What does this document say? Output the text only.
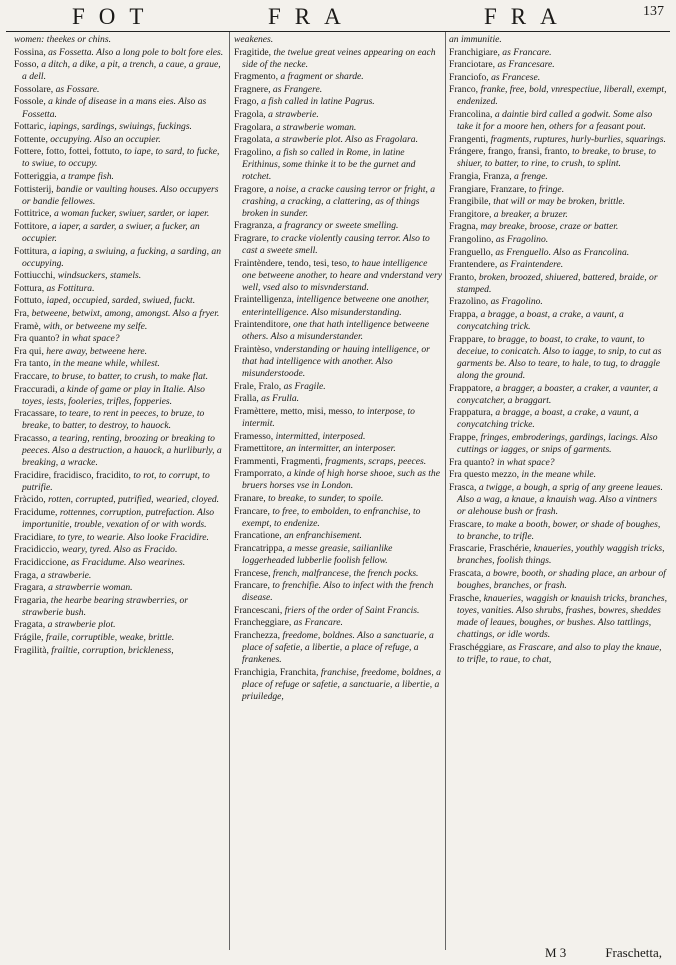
FOT	FRA	FRA	137
women: theekes or chins.
Fossina, as Fossetta. Also a long pole to bolt fore eles.
Fosso, a ditch, a dike, a pit, a trench, a caue, a graue, a dell.
Fossolare, as Fossare.
Fossole, a kinde of disease in a mans eies. Also as Fossetta.
Fottaric, iapings, sardings, swiuings, fuckings.
Fottente, occupying. Also an occupier.
Fottere, fotto, fottei, fottuto, to iape, to sard, to fucke, to swiue, to occupy.
Fotteriggia, a trampe fish.
Fottisterij, bandie or vaulting houses. Also occupyers or bandie fellowes.
Fottitrice, a woman fucker, swiuer, sarder, or iaper.
Fottitore, a iaper, a sarder, a swiuer, a fucker, an occupier.
Fottitura, a iaping, a swiuing, a fucking, a sarding, an occupying.
Fottiucchi, windsuckers, stamels.
Fottura, as Fottitura.
Fottuto, iaped, occupied, sarded, swiued, fuckt.
Fra, betweene, betwixt, among, amongst. Also a fryer.
Framè, with, or betweene my selfe.
Fra quanto? in what space?
Fra qui, here away, betweene here.
Fra tanto, in the meane while, whilest.
Fraccare, to bruse, to batter, to crush, to make flat.
Fraccuradi, a kinde of game or play in Italie. Also toyes, iests, fooleries, trifles, fopperies.
Fracassare, to teare, to rent in peeces, to bruze, to breake, to batter, to destroy, to hauock.
Fracasso, a tearing, renting, broozing or breaking to peeces. Also a destruction, a hauock, a hurliburly, a breaking, a wracke.
Fracidire, fracidisco, fracidito, to rot, to corrupt, to putrifie.
Fràcido, rotten, corrupted, putrified, wearied, cloyed.
Fracidume, rottennes, corruption, putrefaction. Also importunitie, trouble, vexation of or with words.
Fracidiare, to tyre, to wearie. Also looke Fracidire.
Fracidiccio, weary, tyred. Also as Fracido.
Fracidiccione, as Fracidume. Also wearines.
Fraga, a strawberie.
Fragara, a strawberrie woman.
Fragaria, the hearbe bearing strawberries, or strawberie bush.
Fragata, a strawberie plot.
Frágile, fraile, corruptible, weake, brittle.
Fragilità, frailtie, corruption, brickleness,
weakenes.
Fragitide, the twelue great veines appearing on each side of the necke.
Fragmento, a fragment or sharde.
Fragnere, as Frangere.
Frago, a fish called in latine Pagrus.
Fragola, a strawberie.
Fragolara, a strawberie woman.
Fragolata, a strawberie plot. Also as Fragolara.
Fragolino, a fish so called in Rome, in latine Erithinus, some thinke it to be the gurnet and rotchet.
Fragore, a noise, a cracke causing terror or fright, a crashing, a cracking, a clattering, as of things broken in sunder.
Fragranza, a fragrancy or sweete smelling.
Fragrare, to cracke violently causing terror. Also to cast a sweete smell.
Fraintèndere, tendo, tesi, teso, to haue intelligence one betweene another, to heare and vnderstand very well, vsed also to misvnderstand.
Fraintelligenza, intelligence betweene one another, enterintelligence. Also misunderstanding.
Fraintenditore, one that hath intelligence betweene others. Also a misunderstander.
Fraintèso, vnderstanding or hauing intelligence, or that had intelligence with another. Also misunderstoode.
Frale, Fralo, as Fragile.
Fralla, as Frulla.
Framèttere, metto, misi, messo, to interpose, to intermit.
Framesso, intermitted, interposed.
Framettitore, an intermitter, an interposer.
Frammenti, Fragmenti, fragments, scraps, peeces.
Framporrato, a kinde of high horse shooe, such as the bruers horses vse in London.
Franare, to breake, to sunder, to spoile.
Francare, to free, to embolden, to enfranchise, to exempt, to endenize.
Francatione, an enfranchisement.
Francatrippa, a messe greasie, sailianlike loggerheaded lubberlie foolish fellow.
Francese, french, malfrancese, the french pocks.
Francare, to frenchifie. Also to infect with the french disease.
Francescani, friers of the order of Saint Francis.
Francheggiare, as Francare.
Franchezza, freedome, boldnes. Also a sanctuarie, a place of safetie, a libertie, a place of refuge, a frankenes.
Franchigia, Franchita, franchise, freedome, boldnes, a place of refuge or safetie, a sanctuarie, a libertie, a priuiledge,
an immunitie.
Franchigiare, as Francare.
Franciotare, as Francesare.
Franciofo, as Francese.
Franco, franke, free, bold, vnrespectiue, liberall, exempt, endenized.
Francolina, a daintie bird called a godwit. Some also take it for a moore hen, others for a feasant pout.
Frangenti, fragments, ruptures, hurly-burlies, squarings.
Frángere, frango, fransi, franto, to breake, to bruse, to shiuer, to batter, to rine, to crush, to splint.
Frangia, Franza, a frenge.
Frangiare, Franzare, to fringe.
Frangibile, that will or may be broken, brittle.
Frangitore, a breaker, a bruzer.
Fragna, may breake, broose, craze or batter.
Frangolino, as Fragolino.
Franguello, as Frenguello. Also as Francolina.
Frantendere, as Fraintendere.
Franto, broken, broozed, shiuered, battered, braide, or stamped.
Frazolino, as Fragolino.
Frappa, a bragge, a boast, a crake, a vaunt, a conycatching trick.
Frappare, to bragge, to boast, to crake, to vaunt, to deceiue, to conicatch. Also to iagge, to snip, to cut as garments be. Also to teare, to hale, to tug, to draggle along the ground.
Frappatore, a bragger, a boaster, a craker, a vaunter, a conycatcher, a braggart.
Frappatura, a bragge, a boast, a crake, a vaunt, a conycatching tricke.
Frappe, fringes, embroderings, gardings, lacings. Also cuttings or iagges, or snips of garments.
Fra quanto? in what space?
Fra questo mezzo, in the meane while.
Frasca, a twigge, a bough, a sprig of any greene leaues. Also a wag, a knaue, a knauish wag. Also a vintners or alehouse bush or frash.
Frascare, to make a booth, bower, or shade of boughes, to branche, to trifle.
Frascarie, Fraschérie, knaueries, youthly waggish tricks, branches, foolish things.
Frascata, a bowre, booth, or shading place, an arbour of boughes, branches, or frash.
Frasche, knaueries, waggish or knauish tricks, branches, toyes, vanities. Also shrubs, frashes, bowres, sheddes made of leaues, boughes, or bushes. Also tattlings, chattings, or idle words.
Fraschéggiare, as Frascare, and also to play the knaue, to trifle, to raue, to chat,
M 3	Fraschetta,
